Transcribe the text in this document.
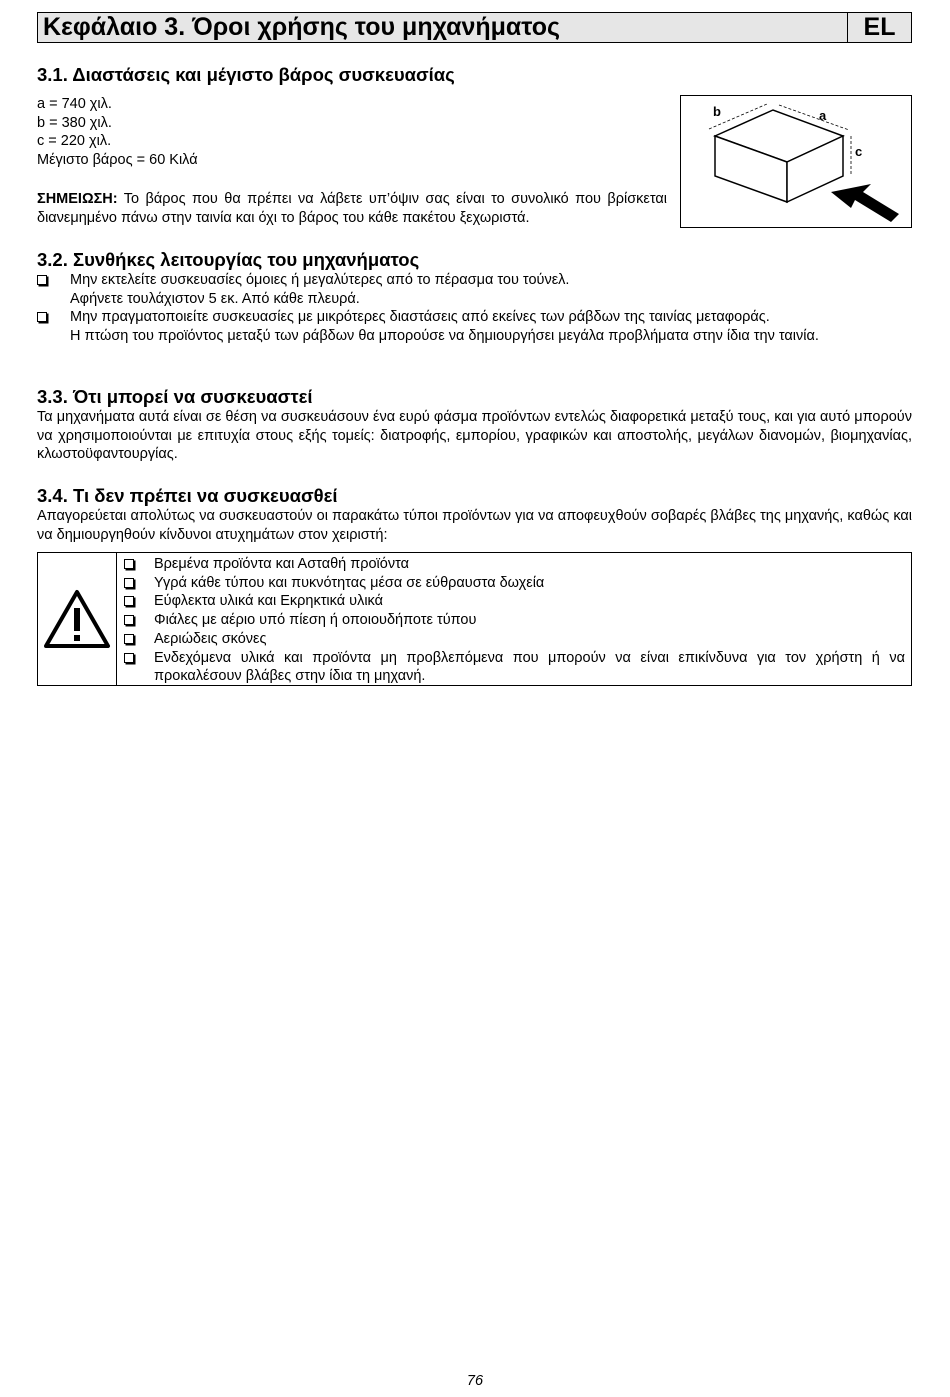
Κεφάλαιο 3. Όροι χρήσης του μηχανήματος	EL
3.1. Διαστάσεις και μέγιστο βάρος συσκευασίας
a = 740 χιλ.
b = 380 χιλ.
c = 220 χιλ.
Μέγιστο βάρος = 60 Κιλά
ΣΗΜΕΙΩΣΗ: Το βάρος που θα πρέπει να λάβετε υπ’όψιν σας είναι το συνολικό που βρίσκεται διανεμημένο πάνω στην ταινία και όχι το βάρος του κάθε πακέτου ξεχωριστά.
b	a
c
3.2. Συνθήκες λειτουργίας του μηχανήματος
Μην εκτελείτε συσκευασίες όμοιες ή μεγαλύτερες από το πέρασμα του τούνελ.
Αφήνετε τουλάχιστον 5 εκ. Από κάθε πλευρά.
Μην πραγματοποιείτε συσκευασίες με μικρότερες διαστάσεις από εκείνες των ράβδων της ταινίας μεταφοράς.
Η πτώση του προϊόντος μεταξύ των ράβδων θα μπορούσε να δημιουργήσει μεγάλα προβλήματα στην ίδια την ταινία.
3.3. Ότι μπορεί να συσκευαστεί
Τα μηχανήματα αυτά είναι σε θέση να συσκευάσουν ένα ευρύ φάσμα προϊόντων εντελώς διαφορετικά μεταξύ τους, και για αυτό μπορούν να χρησιμοποιούνται με επιτυχία στους εξής τομείς: διατροφής, εμπορίου, γραφικών και αποστολής, μεγάλων διανομών, βιομηχανίας, κλωστοϋφαντουργίας.
3.4. Τι δεν πρέπει να συσκευασθεί
Απαγορεύεται απολύτως να συσκευαστούν οι παρακάτω τύποι προϊόντων για να αποφευχθούν σοβαρές βλάβες της μηχανής, καθώς και να δημιουργηθούν κίνδυνοι ατυχημάτων στον χειριστή:
Βρεμένα προϊόντα και Ασταθή προϊόντα
Υγρά κάθε τύπου και πυκνότητας μέσα σε εύθραυστα δωχεία
Εύφλεκτα υλικά και Εκρηκτικά υλικά
Φιάλες με αέριο υπό πίεση ή οποιουδήποτε τύπου
Αεριώδεις σκόνες
Ενδεχόμενα υλικά και προϊόντα μη προβλεπόμενα που μπορούν να είναι επικίνδυνα για τον χρήστη ή να προκαλέσουν βλάβες στην ίδια τη μηχανή.
76
